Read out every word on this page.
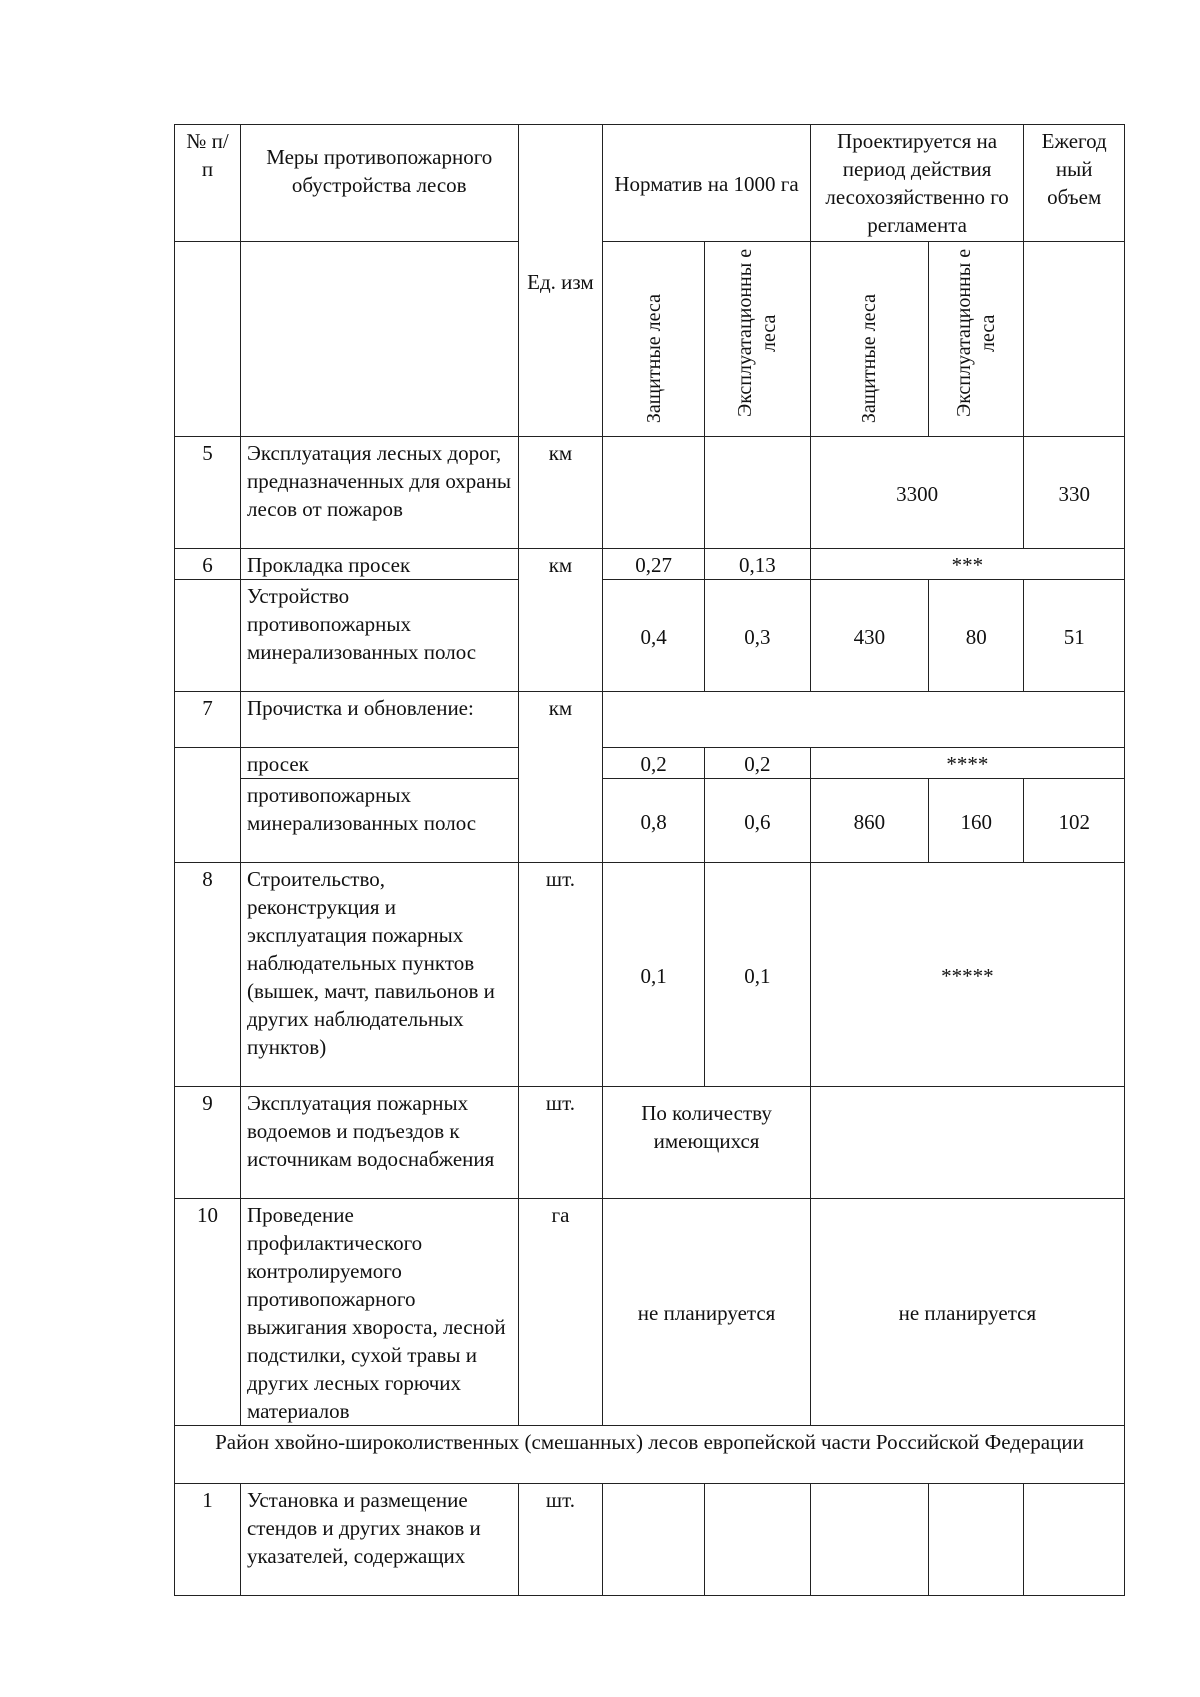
№ п/п	Меры противопожарного обустройства лесов	Ед. изм	Норматив на 1000 га		Проектируется на период действия лесохозяйственно го регламента		Ежегод ный объем
			Защитные леса	Эксплуатационны е леса	Защитные леса	Эксплуатационны е леса	
5	Эксплуатация лесных дорог, предназначенных для охраны лесов от пожаров	км			3300		330
6	Прокладка просек	км	0,27	0,13	***		
	Устройство противопожарных минерализованных полос		0,4	0,3	430	80	51
7	Прочистка и обновление:	км					
	просек		0,2	0,2	****		
	противопожарных минерализованных полос		0,8	0,6	860	160	102
8	Строительство, реконструкция и эксплуатация пожарных наблюдательных пунктов (вышек, мачт, павильонов и других наблюдательных пунктов)	шт.	0,1	0,1	*****		
9	Эксплуатация пожарных водоемов и подъездов к источникам водоснабжения	шт.	По количеству имеющихся				
10	Проведение профилактического контролируемого противопожарного выжигания хвороста, лесной подстилки, сухой травы и других лесных горючих материалов	га	не планируется		не планируется		
Район хвойно-широколиственных (смешанных) лесов европейской части Российской Федерации							
1	Установка и размещение стендов и других знаков и указателей, содержащих	шт.					
